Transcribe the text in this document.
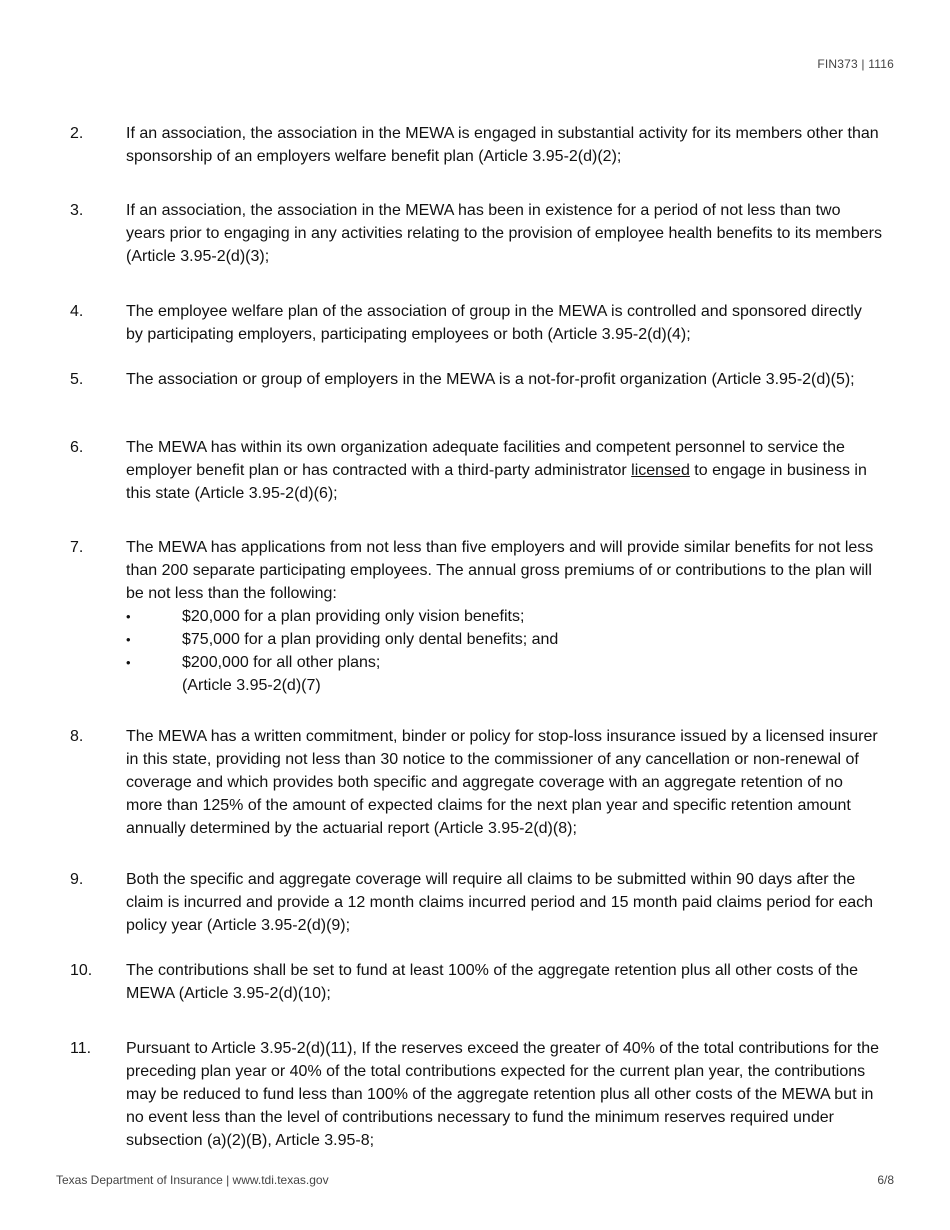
FIN373 | 1116
2.	If an association, the association in the MEWA is engaged in substantial activity for its members other than sponsorship of an employers welfare benefit plan (Article 3.95-2(d)(2);
3.	If an association, the association in the MEWA has been in existence for a period of not less than two years prior to engaging in any activities relating to the provision of employee health benefits to its members (Article 3.95-2(d)(3);
4.	The employee welfare plan of the association of group in the MEWA is controlled and sponsored directly by participating employers, participating employees or both (Article 3.95-2(d)(4);
5.	The association or group of employers in the MEWA is a not-for-profit organization (Article 3.95-2(d)(5);
6.	The MEWA has within its own organization adequate facilities and competent personnel to service the employer benefit plan or has contracted with a third-party administrator licensed to engage in business in this state (Article 3.95-2(d)(6);
7.	The MEWA has applications from not less than five employers and will provide similar benefits for not less than 200 separate participating employees. The annual gross premiums of or contributions to the plan will be not less than the following:
•	$20,000 for a plan providing only vision benefits;
•	$75,000 for a plan providing only dental benefits; and
•	$200,000 for all other plans;
(Article 3.95-2(d)(7)
8.	The MEWA has a written commitment, binder or policy for stop-loss insurance issued by a licensed insurer in this state, providing not less than 30 notice to the commissioner of any cancellation or non-renewal of coverage and which provides both specific and aggregate coverage with an aggregate retention of no more than 125% of the amount of expected claims for the next plan year and specific retention amount annually determined by the actuarial report (Article 3.95-2(d)(8);
9.	Both the specific and aggregate coverage will require all claims to be submitted within 90 days after the claim is incurred and provide a 12 month claims incurred period and 15 month paid claims period for each policy year (Article 3.95-2(d)(9);
10. The contributions shall be set to fund at least 100% of the aggregate retention plus all other costs of the MEWA (Article 3.95-2(d)(10);
11. Pursuant to Article 3.95-2(d)(11), If the reserves exceed the greater of 40% of the total contributions for the preceding plan year or 40% of the total contributions expected for the current plan year, the contributions may be reduced to fund less than 100% of the aggregate retention plus all other costs of the MEWA but in no event less than the level of contributions necessary to fund the minimum reserves required under subsection (a)(2)(B), Article 3.95-8;
Texas Department of Insurance | www.tdi.texas.gov	6/8
